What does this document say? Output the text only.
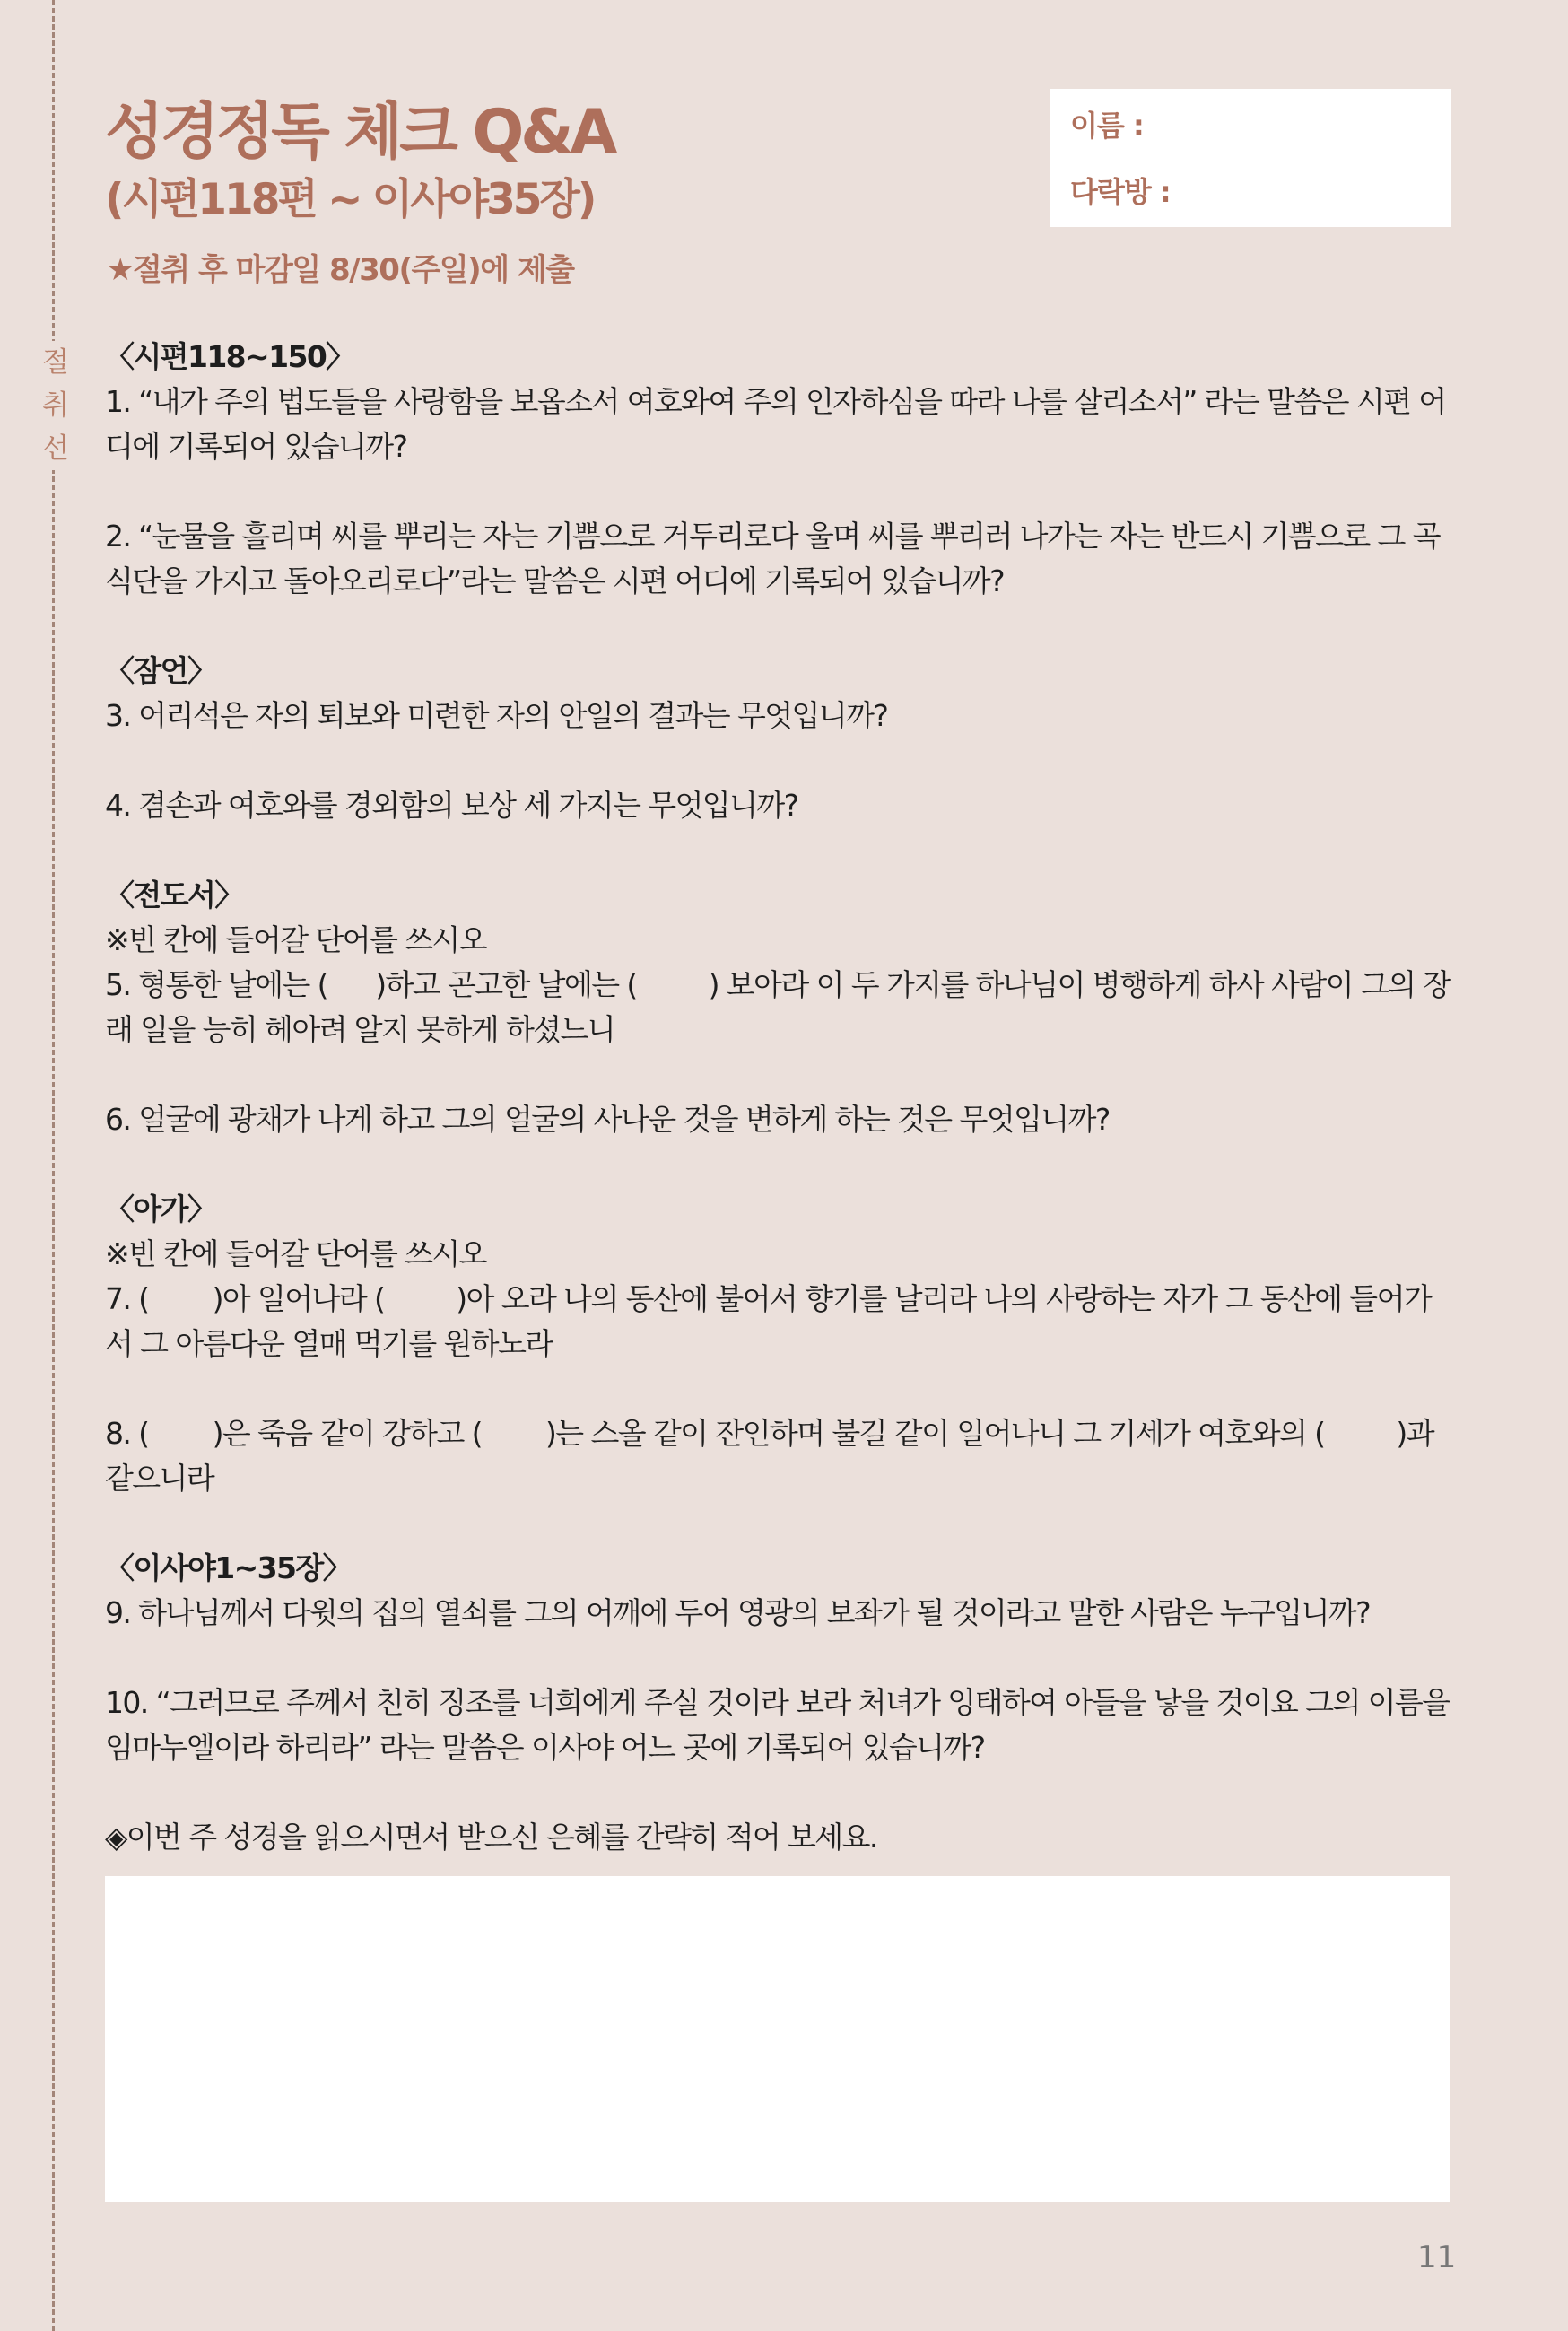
절
취
선
성경정독 체크 Q&A
(시편118편 ~ 이사야35장)
★절취 후 마감일 8/30(주일)에 제출
이름 :
다락방 :
〈시편118~150〉

1. “내가 주의 법도들을 사랑함을 보옵소서 여호와여 주의 인자하심을 따라 나를 살리소서” 라는 말씀은 시편 어디에 기록되어 있습니까?

2. “눈물을 흘리며 씨를 뿌리는 자는 기쁨으로 거두리로다 울며 씨를 뿌리러 나가는 자는 반드시 기쁨으로 그 곡식단을 가지고 돌아오리로다”라는 말씀은 시편 어디에 기록되어 있습니까?

〈잠언〉

3. 어리석은 자의 퇴보와 미련한 자의 안일의 결과는 무엇입니까?

4. 겸손과 여호와를 경외함의 보상 세 가지는 무엇입니까?

〈전도서〉

※빈 칸에 들어갈 단어를 쓰시오

5. 형통한 날에는 (      )하고 곤고한 날에는 (         ) 보아라 이 두 가지를 하나님이 병행하게 하사 사람이 그의 장래 일을 능히 헤아려 알지 못하게 하셨느니

6. 얼굴에 광채가 나게 하고 그의 얼굴의 사나운 것을 변하게 하는 것은 무엇입니까?

〈아가〉

※빈 칸에 들어갈 단어를 쓰시오

7. (        )아 일어나라 (         )아 오라 나의 동산에 불어서 향기를 날리라 나의 사랑하는 자가 그 동산에 들어가서 그 아름다운 열매 먹기를 원하노라

8. (        )은 죽음 같이 강하고 (        )는 스올 같이 잔인하며 불길 같이 일어나니 그 기세가 여호와의 (         )과 같으니라

〈이사야1~35장〉

9. 하나님께서 다윗의 집의 열쇠를 그의 어깨에 두어 영광의 보좌가 될 것이라고 말한 사람은 누구입니까?

10. “그러므로 주께서 친히 징조를 너희에게 주실 것이라 보라 처녀가 잉태하여 아들을 낳을 것이요 그의 이름을 임마누엘이라 하리라” 라는 말씀은 이사야 어느 곳에 기록되어 있습니까?

◈이번 주 성경을 읽으시면서 받으신 은혜를 간략히 적어 보세요.

11
